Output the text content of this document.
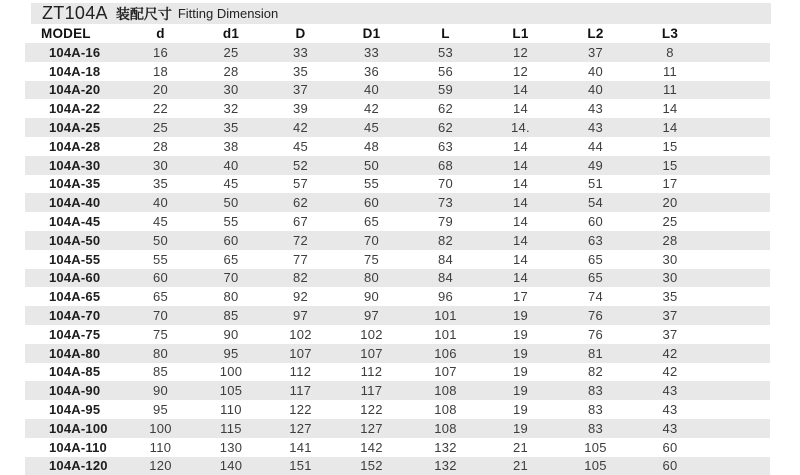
ZT104A 装配尺寸 Fitting Dimension
MODEL	d	d1	D	D1	L	L1	L2	L3	
104A-16	16	25	33	33	53	12	37	8	
104A-18	18	28	35	36	56	12	40	11	
104A-20	20	30	37	40	59	14	40	11	
104A-22	22	32	39	42	62	14	43	14	
104A-25	25	35	42	45	62	14.	43	14	
104A-28	28	38	45	48	63	14	44	15	
104A-30	30	40	52	50	68	14	49	15	
104A-35	35	45	57	55	70	14	51	17	
104A-40	40	50	62	60	73	14	54	20	
104A-45	45	55	67	65	79	14	60	25	
104A-50	50	60	72	70	82	14	63	28	
104A-55	55	65	77	75	84	14	65	30	
104A-60	60	70	82	80	84	14	65	30	
104A-65	65	80	92	90	96	17	74	35	
104A-70	70	85	97	97	101	19	76	37	
104A-75	75	90	102	102	101	19	76	37	
104A-80	80	95	107	107	106	19	81	42	
104A-85	85	100	112	112	107	19	82	42	
104A-90	90	105	117	117	108	19	83	43	
104A-95	95	110	122	122	108	19	83	43	
104A-100	100	115	127	127	108	19	83	43	
104A-110	110	130	141	142	132	21	105	60	
104A-120	120	140	151	152	132	21	105	60	
